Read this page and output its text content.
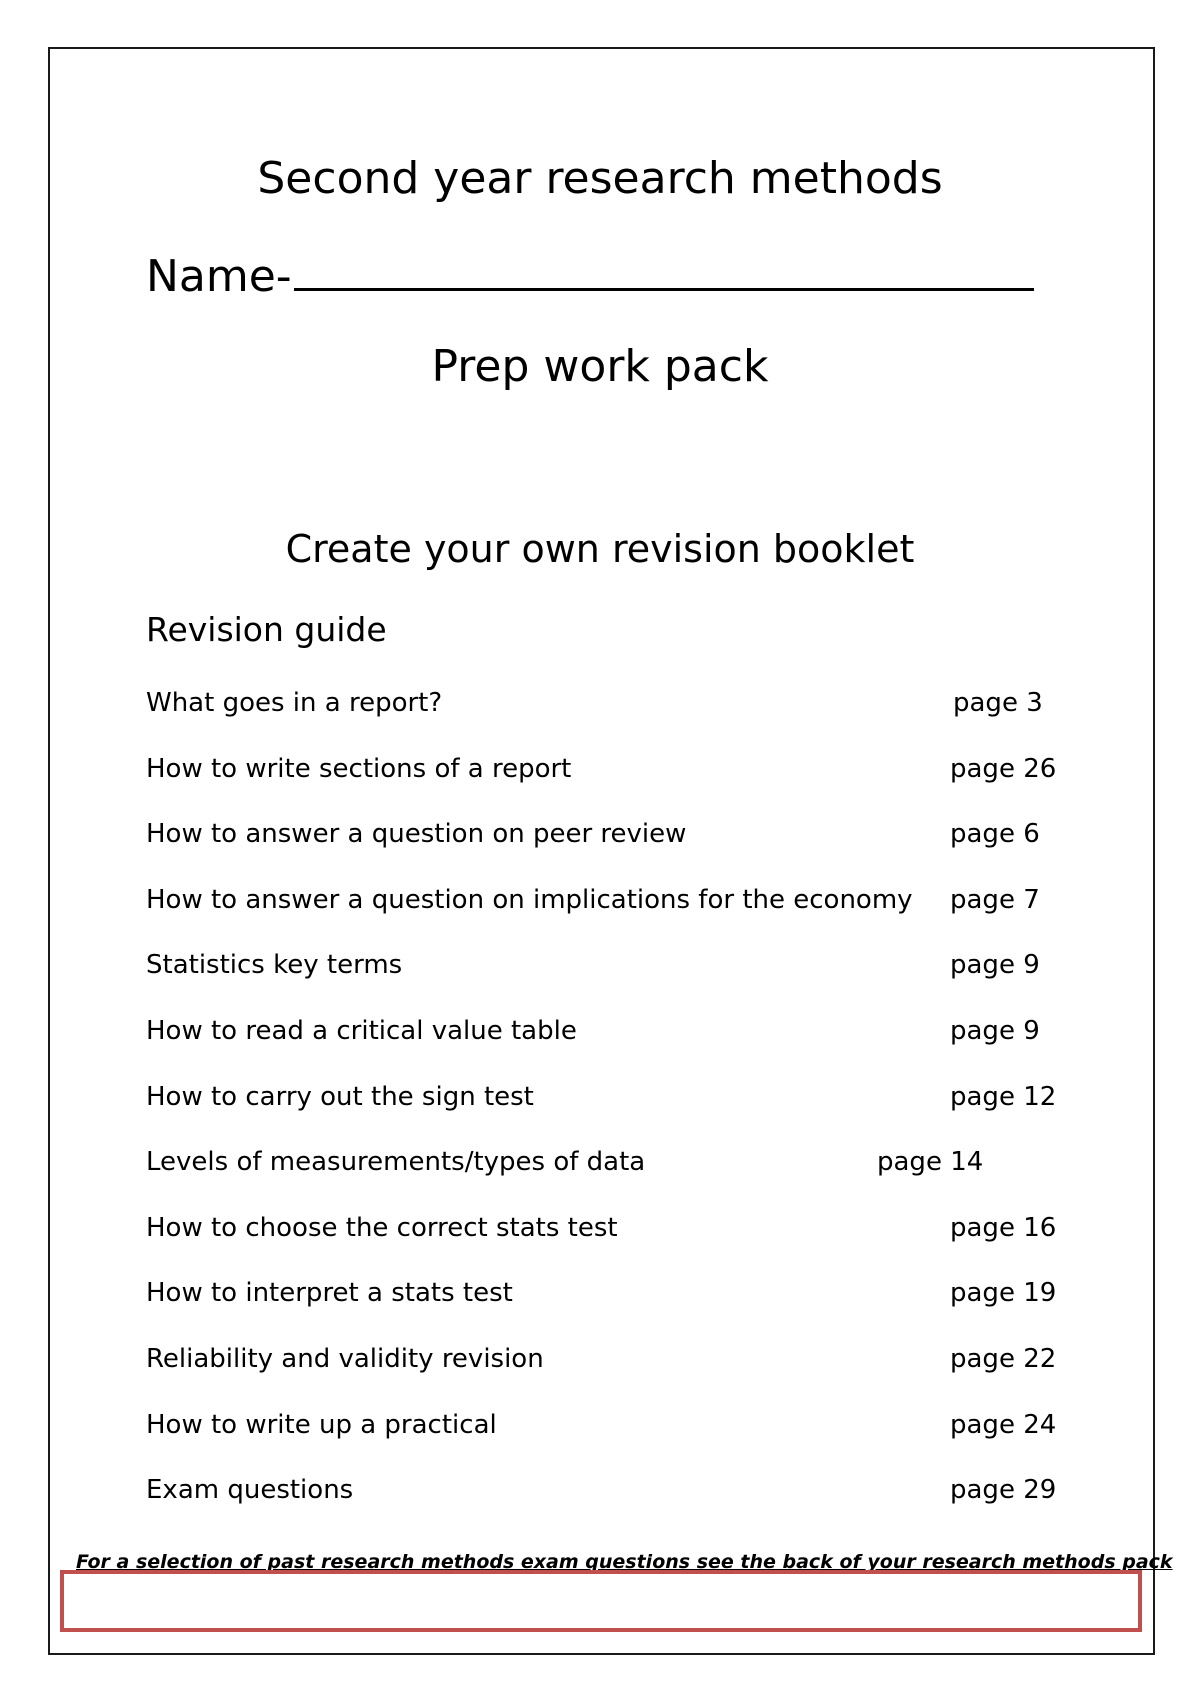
Second year research methods
Name-
Prep work pack
Create your own revision booklet
Revision guide
What goes in a report?	page 3
How to write sections of a report	page 26
How to answer a question on peer review	page 6
How to answer a question on implications for the economy page 7
Statistics key terms	page 9
How to read a critical value table	page 9
How to carry out the sign test	page 12
Levels of measurements/types of data	page 14
How to choose the correct stats test	page 16
How to interpret a stats test	page 19
Reliability and validity revision	page 22
How to write up a practical	page 24
Exam questions	page 29
For a selection of past research methods exam questions see the back of your research methods pack
